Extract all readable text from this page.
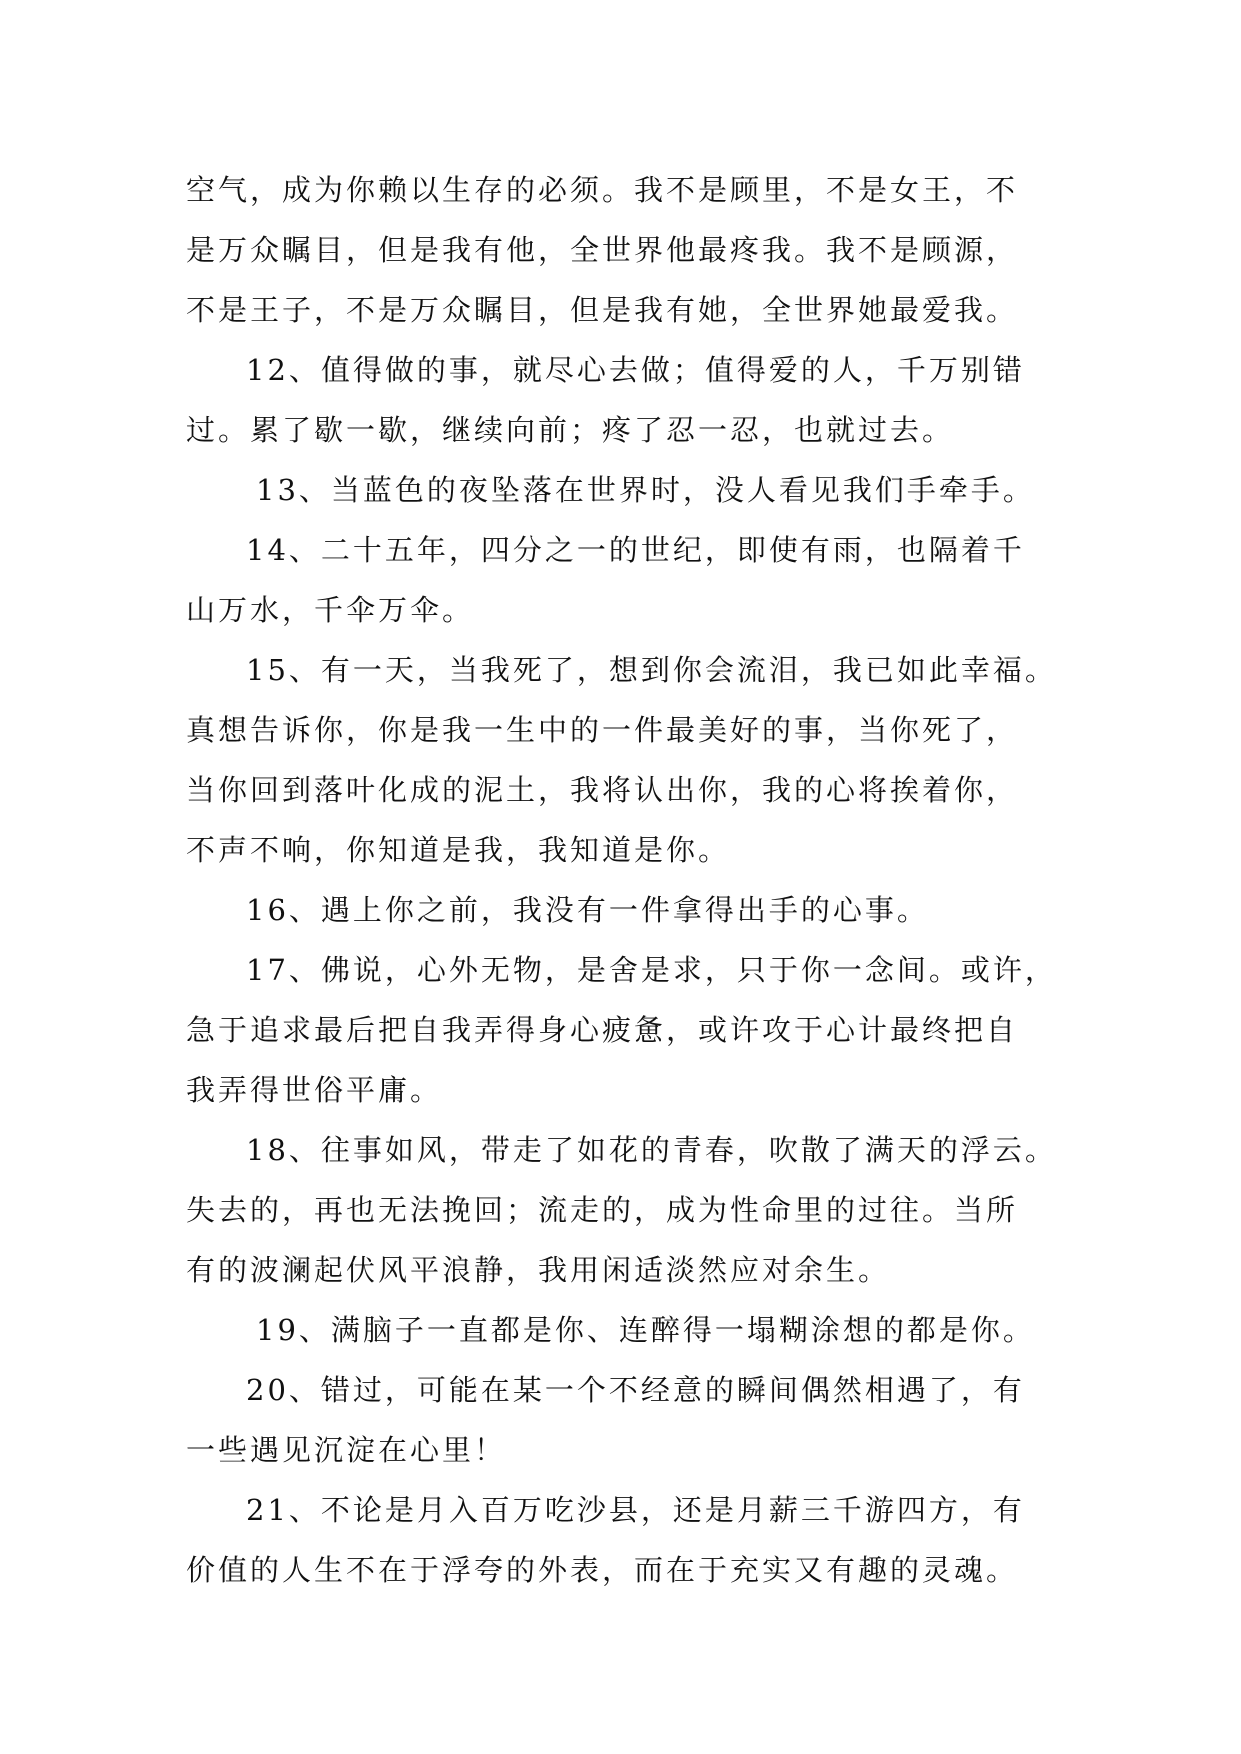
空气，成为你赖以生存的必须。我不是顾里，不是女王，不
是万众瞩目，但是我有他，全世界他最疼我。我不是顾源，
不是王子，不是万众瞩目，但是我有她，全世界她最爱我。
12、值得做的事，就尽心去做；值得爱的人，千万别错
过。累了歇一歇，继续向前；疼了忍一忍，也就过去。
13、当蓝色的夜坠落在世界时，没人看见我们手牵手。
14、二十五年，四分之一的世纪，即使有雨，也隔着千
山万水，千伞万伞。
15、有一天，当我死了，想到你会流泪，我已如此幸福。
真想告诉你，你是我一生中的一件最美好的事，当你死了，
当你回到落叶化成的泥土，我将认出你，我的心将挨着你，
不声不响，你知道是我，我知道是你。
16、遇上你之前，我没有一件拿得出手的心事。
17、佛说，心外无物，是舍是求，只于你一念间。或许，
急于追求最后把自我弄得身心疲惫，或许攻于心计最终把自
我弄得世俗平庸。
18、往事如风，带走了如花的青春，吹散了满天的浮云。
失去的，再也无法挽回；流走的，成为性命里的过往。当所
有的波澜起伏风平浪静，我用闲适淡然应对余生。
19、满脑子一直都是你、连醉得一塌糊涂想的都是你。
20、错过，可能在某一个不经意的瞬间偶然相遇了，有
一些遇见沉淀在心里！
21、不论是月入百万吃沙县，还是月薪三千游四方，有
价值的人生不在于浮夸的外表，而在于充实又有趣的灵魂。
